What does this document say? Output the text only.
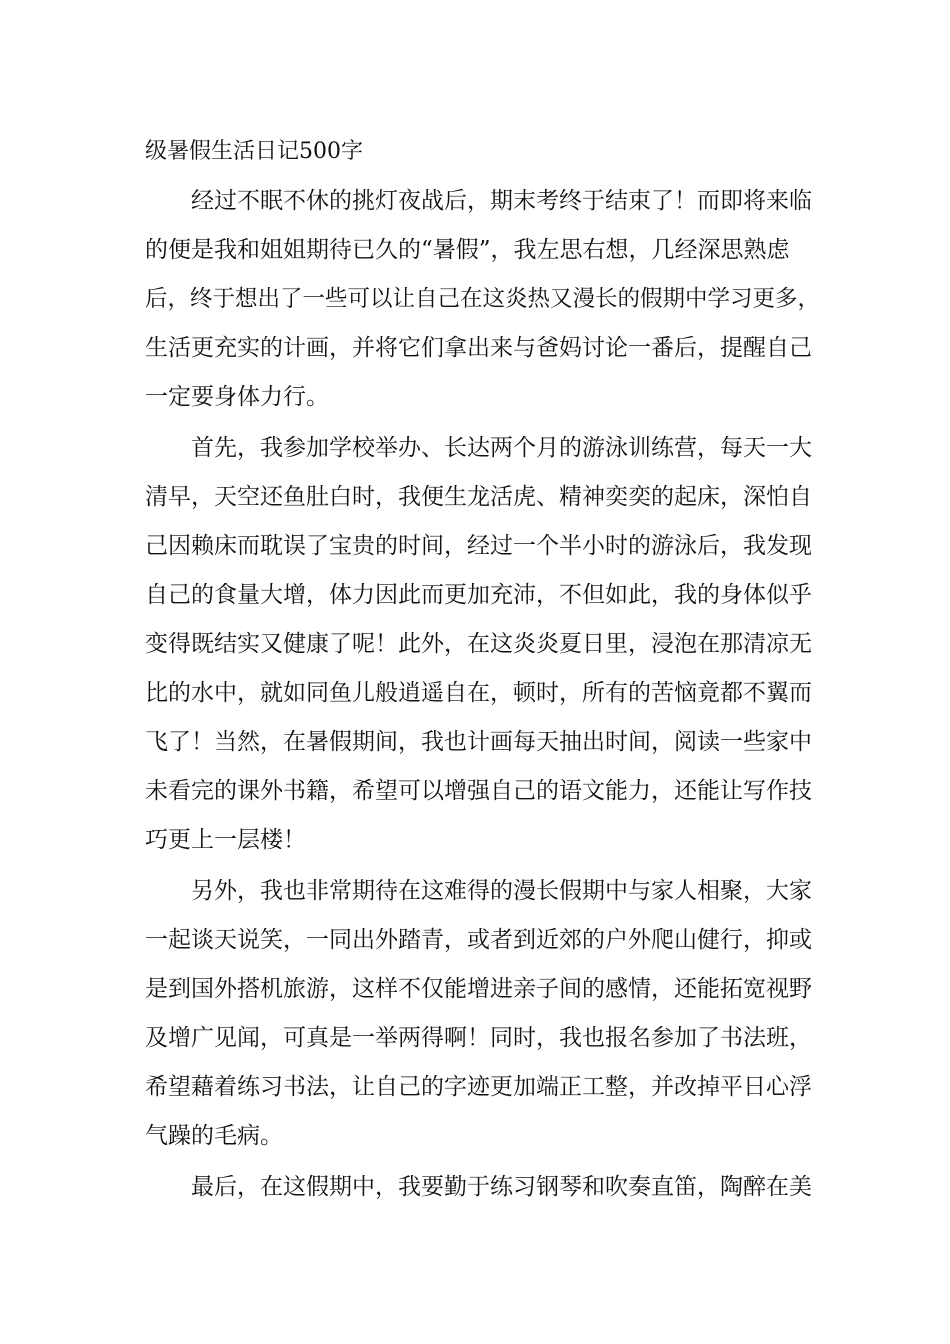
级暑假生活日记500字
经过不眠不休的挑灯夜战后，期末考终于结束了！而即将来临
的便是我和姐姐期待已久的“暑假”，我左思右想，几经深思熟虑
后，终于想出了一些可以让自己在这炎热又漫长的假期中学习更多，
生活更充实的计画，并将它们拿出来与爸妈讨论一番后，提醒自己
一定要身体力行。
首先，我参加学校举办、长达两个月的游泳训练营，每天一大
清早，天空还鱼肚白时，我便生龙活虎、精神奕奕的起床，深怕自
己因赖床而耽误了宝贵的时间，经过一个半小时的游泳后，我发现
自己的食量大增，体力因此而更加充沛，不但如此，我的身体似乎
变得既结实又健康了呢！此外，在这炎炎夏日里，浸泡在那清凉无
比的水中，就如同鱼儿般逍遥自在，顿时，所有的苦恼竟都不翼而
飞了！当然，在暑假期间，我也计画每天抽出时间，阅读一些家中
未看完的课外书籍，希望可以增强自己的语文能力，还能让写作技
巧更上一层楼！
另外，我也非常期待在这难得的漫长假期中与家人相聚，大家
一起谈天说笑，一同出外踏青，或者到近郊的户外爬山健行，抑或
是到国外搭机旅游，这样不仅能增进亲子间的感情，还能拓宽视野
及增广见闻，可真是一举两得啊！同时，我也报名参加了书法班，
希望藉着练习书法，让自己的字迹更加端正工整，并改掉平日心浮
气躁的毛病。
最后，在这假期中，我要勤于练习钢琴和吹奏直笛，陶醉在美
